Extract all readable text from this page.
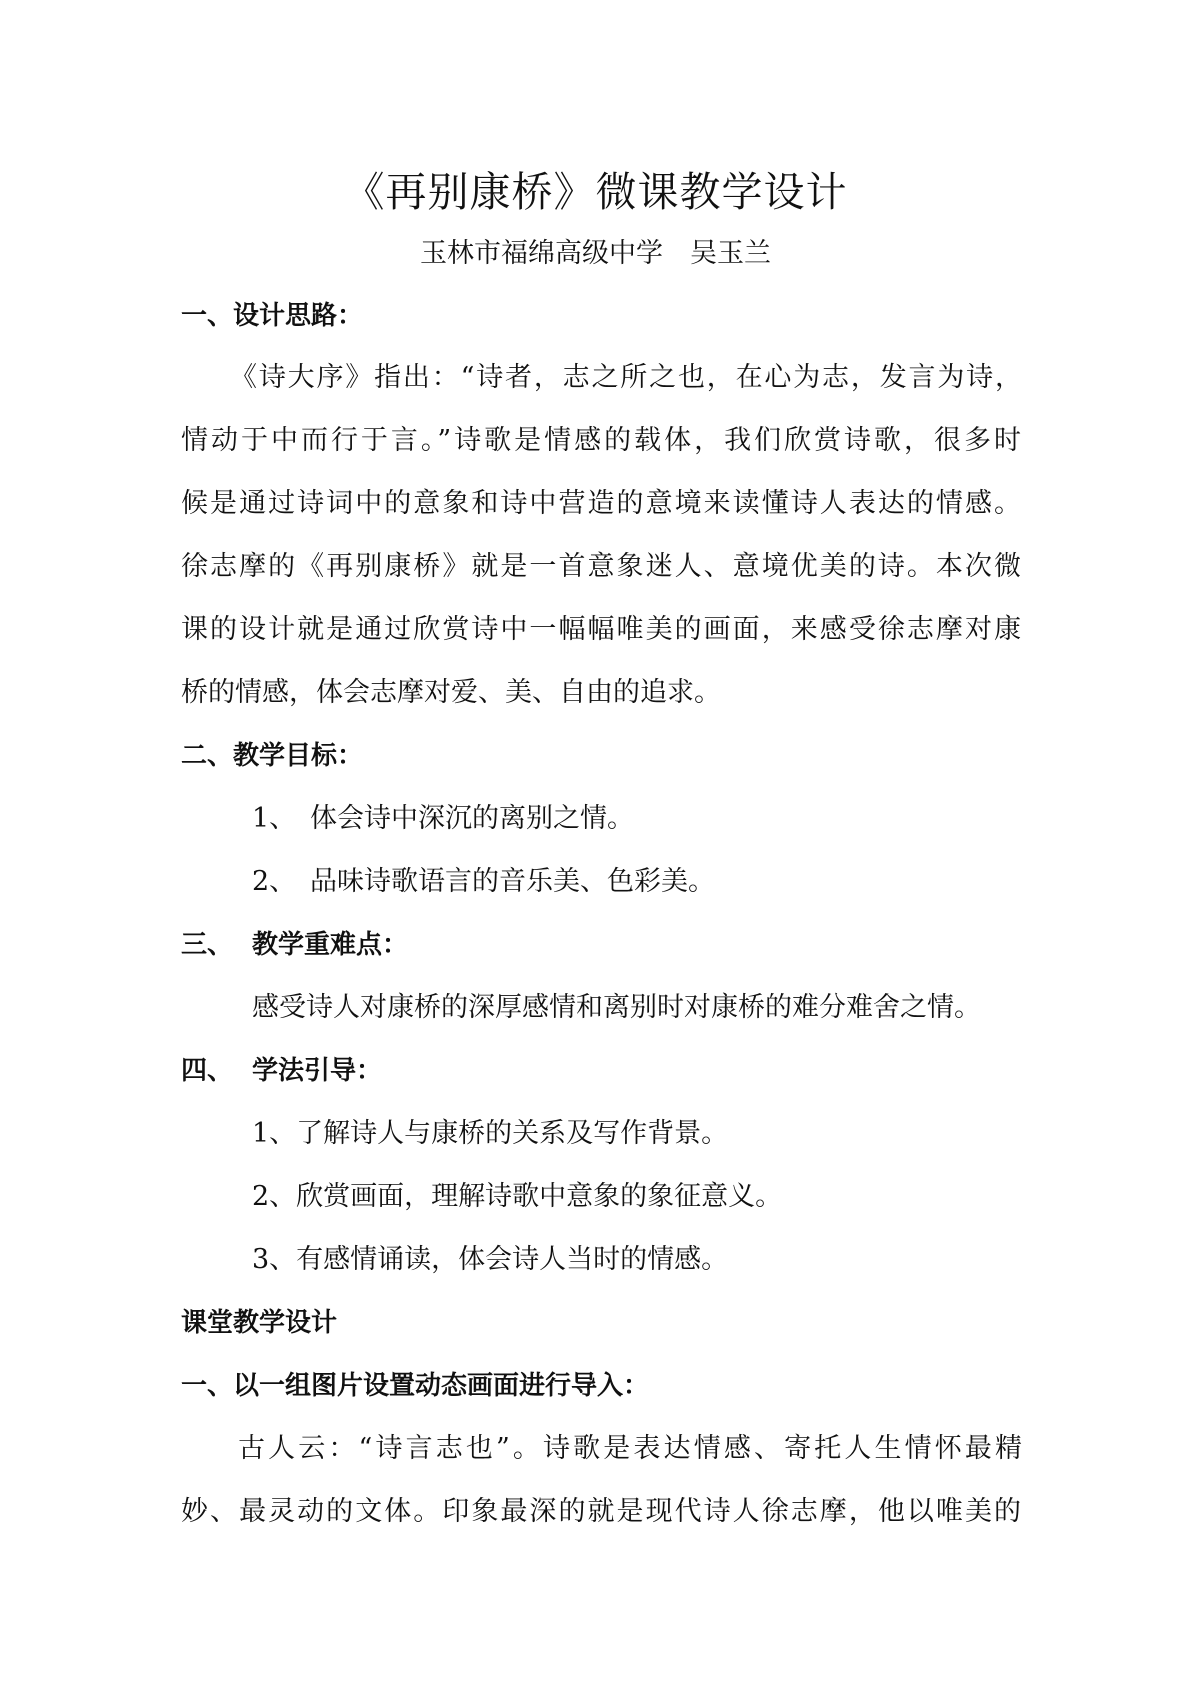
《再别康桥》微课教学设计
玉林市福绵高级中学　吴玉兰
一、设计思路：
《诗大序》指出：“诗者，志之所之也，在心为志，发言为诗，
情动于中而行于言。”诗歌是情感的载体，我们欣赏诗歌，很多时
候是通过诗词中的意象和诗中营造的意境来读懂诗人表达的情感。
徐志摩的《再别康桥》就是一首意象迷人、意境优美的诗。本次微
课的设计就是通过欣赏诗中一幅幅唯美的画面，来感受徐志摩对康
桥的情感，体会志摩对爱、美、自由的追求。
二、教学目标：
1、 体会诗中深沉的离别之情。
2、 品味诗歌语言的音乐美、色彩美。
三、 教学重难点：
感受诗人对康桥的深厚感情和离别时对康桥的难分难舍之情。
四、 学法引导：
1、了解诗人与康桥的关系及写作背景。
2、欣赏画面，理解诗歌中意象的象征意义。
3、有感情诵读，体会诗人当时的情感。
课堂教学设计
一、以一组图片设置动态画面进行导入：
古人云：“诗言志也”。诗歌是表达情感、寄托人生情怀最精
妙、最灵动的文体。印象最深的就是现代诗人徐志摩，他以唯美的
